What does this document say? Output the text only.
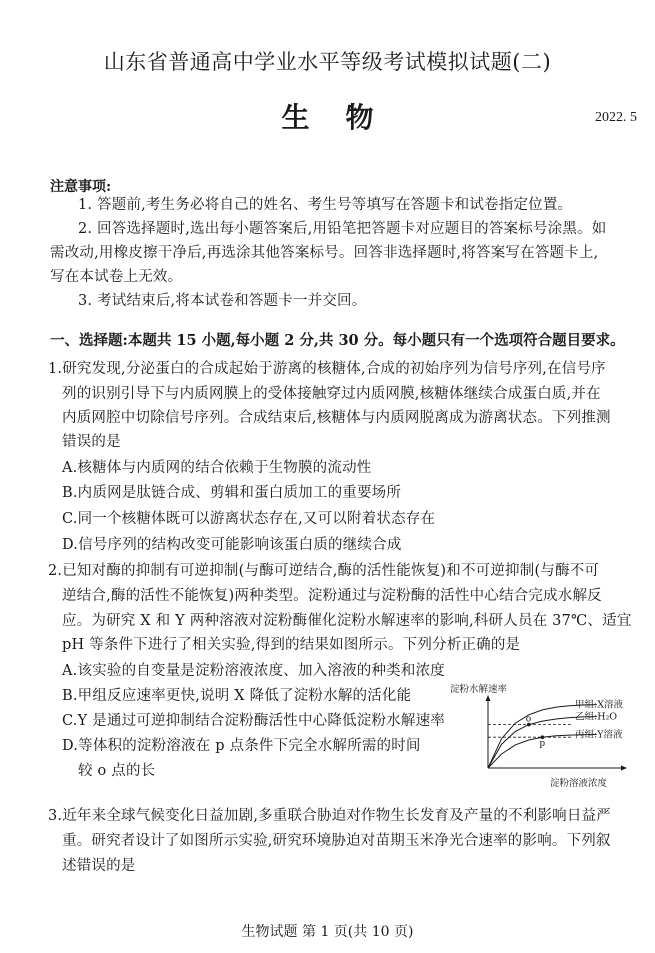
山东省普通高中学业水平等级考试模拟试题(二)
生物	2022. 5
注意事项:
1. 答题前,考生务必将自己的姓名、考生号等填写在答题卡和试卷指定位置。
2. 回答选择题时,选出每小题答案后,用铅笔把答题卡对应题目的答案标号涂黑。如
需改动,用橡皮擦干净后,再选涂其他答案标号。回答非选择题时,将答案写在答题卡上,
写在本试卷上无效。
3. 考试结束后,将本试卷和答题卡一并交回。
一、选择题:本题共 15 小题,每小题 2 分,共 30 分。每小题只有一个选项符合题目要求。
1.研究发现,分泌蛋白的合成起始于游离的核糖体,合成的初始序列为信号序列,在信号序
列的识别引导下与内质网膜上的受体接触穿过内质网膜,核糖体继续合成蛋白质,并在
内质网腔中切除信号序列。合成结束后,核糖体与内质网脱离成为游离状态。下列推测
错误的是
A.核糖体与内质网的结合依赖于生物膜的流动性
B.内质网是肽链合成、剪辑和蛋白质加工的重要场所
C.同一个核糖体既可以游离状态存在,又可以附着状态存在
D.信号序列的结构改变可能影响该蛋白质的继续合成
2.已知对酶的抑制有可逆抑制(与酶可逆结合,酶的活性能恢复)和不可逆抑制(与酶不可
逆结合,酶的活性不能恢复)两种类型。淀粉通过与淀粉酶的活性中心结合完成水解反
应。为研究 X 和 Y 两种溶液对淀粉酶催化淀粉水解速率的影响,科研人员在 37℃、适宜
pH 等条件下进行了相关实验,得到的结果如图所示。下列分析正确的是
A.该实验的自变量是淀粉溶液浓度、加入溶液的种类和浓度
B.甲组反应速率更快,说明 X 降低了淀粉水解的活化能
C.Y 是通过可逆抑制结合淀粉酶活性中心降低淀粉水解速率
D.等体积的淀粉溶液在 p 点条件下完全水解所需的时间
较 o 点的长
淀粉水解速率
淀粉溶液浓度
o
p
甲组:X溶液
乙组:H₂O
丙组:Y溶液
3.近年来全球气候变化日益加剧,多重联合胁迫对作物生长发育及产量的不利影响日益严
重。研究者设计了如图所示实验,研究环境胁迫对苗期玉米净光合速率的影响。下列叙
述错误的是
生物试题 第 1 页(共 10 页)
